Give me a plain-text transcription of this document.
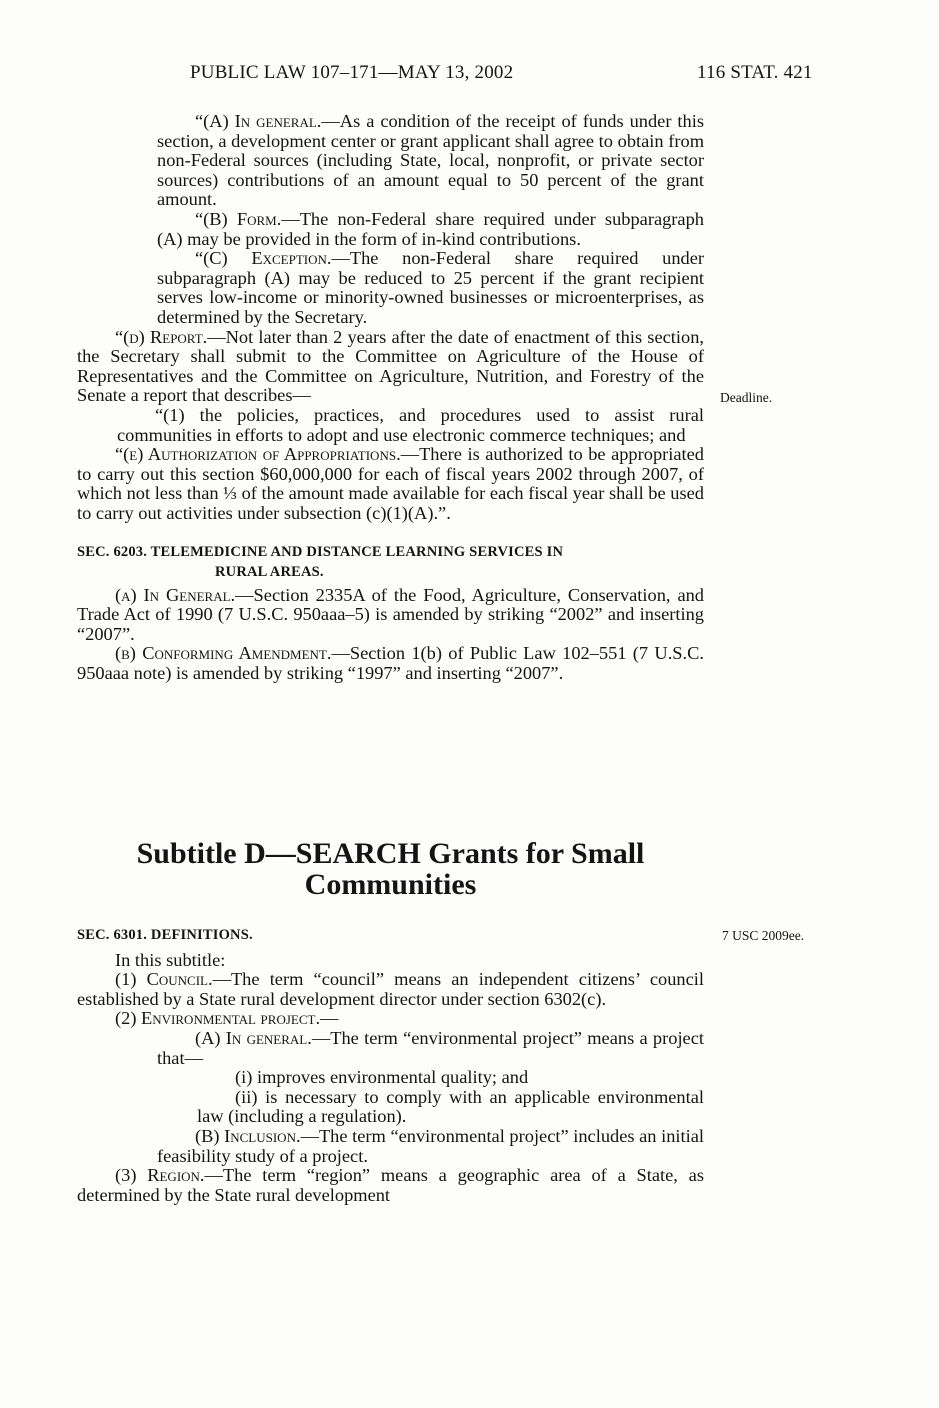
PUBLIC LAW 107–171—MAY 13, 2002	116 STAT. 421

“(A) In general.—As a condition of the receipt of funds under this section, a development center or grant applicant shall agree to obtain from non-Federal sources (including State, local, nonprofit, or private sector sources) contributions of an amount equal to 50 percent of the grant amount.

“(B) Form.—The non-Federal share required under subparagraph (A) may be provided in the form of in-kind contributions.

“(C) Exception.—The non-Federal share required under subparagraph (A) may be reduced to 25 percent if the grant recipient serves low-income or minority-owned businesses or microenterprises, as determined by the Secretary.

“(d) Report.—Not later than 2 years after the date of enactment of this section, the Secretary shall submit to the Committee on Agriculture of the House of Representatives and the Committee on Agriculture, Nutrition, and Forestry of the Senate a report that describes—

“(1) the policies, practices, and procedures used to assist rural communities in efforts to adopt and use electronic commerce techniques; and

“(e) Authorization of Appropriations.—There is authorized to be appropriated to carry out this section $60,000,000 for each of fiscal years 2002 through 2007, of which not less than ⅓ of the amount made available for each fiscal year shall be used to carry out activities under subsection (c)(1)(A).”.

SEC. 6203. TELEMEDICINE AND DISTANCE LEARNING SERVICES IN

RURAL AREAS.

(a) In General.—Section 2335A of the Food, Agriculture, Conservation, and Trade Act of 1990 (7 U.S.C. 950aaa–5) is amended by striking “2002” and inserting “2007”.

(b) Conforming Amendment.—Section 1(b) of Public Law 102–551 (7 U.S.C. 950aaa note) is amended by striking “1997” and inserting “2007”.

Deadline.
Subtitle D—SEARCH Grants for Small
Communities
7 USC 2009ee.

SEC. 6301. DEFINITIONS.

In this subtitle:

(1) Council.—The term “council” means an independent citizens’ council established by a State rural development director under section 6302(c).

(2) Environmental project.—

(A) In general.—The term “environmental project” means a project that—

(i) improves environmental quality; and

(ii) is necessary to comply with an applicable environmental law (including a regulation).

(B) Inclusion.—The term “environmental project” includes an initial feasibility study of a project.

(3) Region.—The term “region” means a geographic area of a State, as determined by the State rural development
